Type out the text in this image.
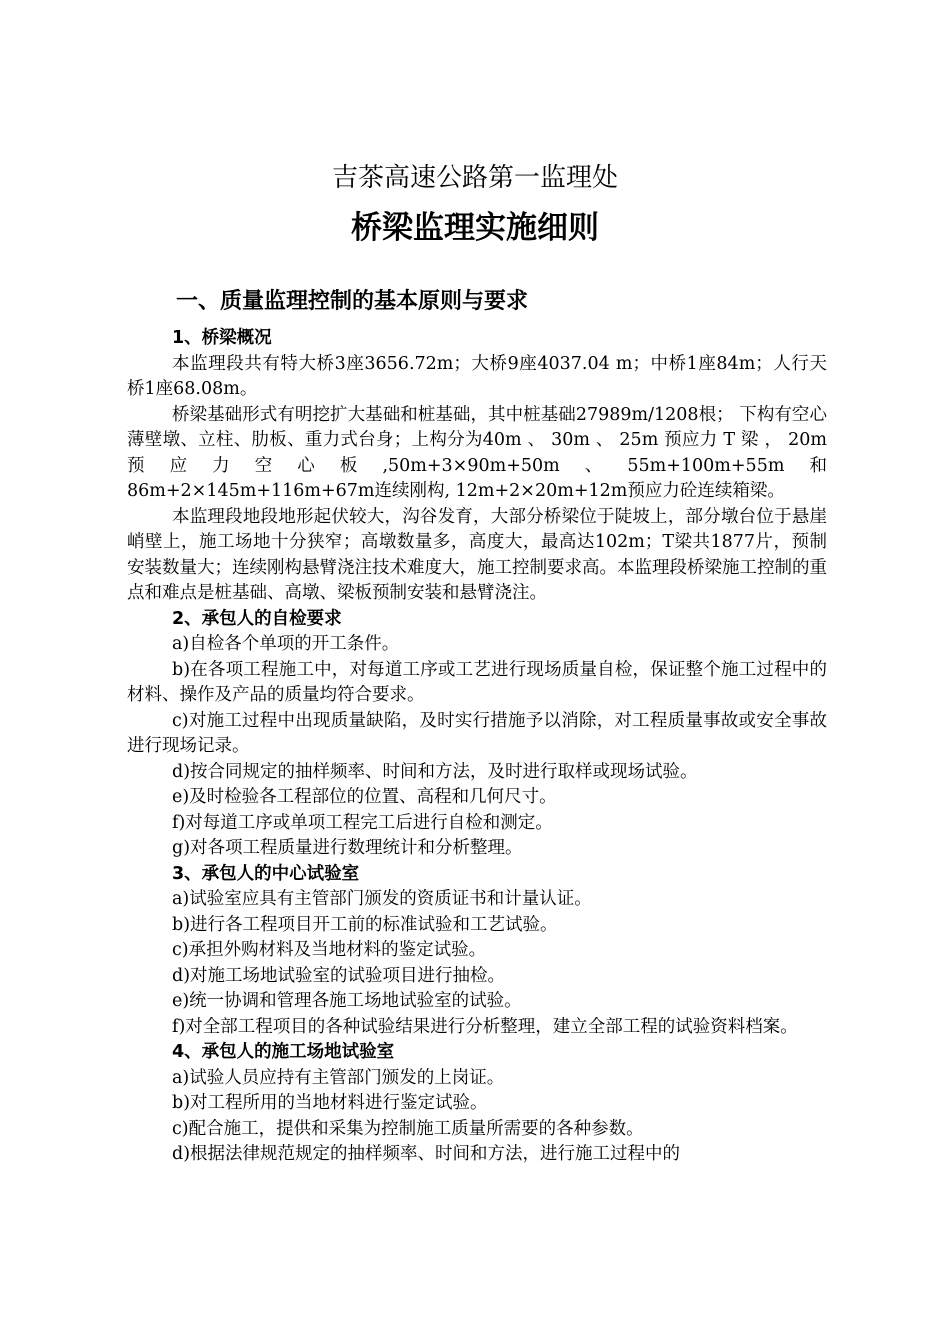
吉茶高速公路第一监理处
桥梁监理实施细则
一、质量监理控制的基本原则与要求

1、桥梁概况

本监理段共有特大桥3座3656.72m；大桥9座4037.04 m；中桥1座84m；人行天桥1座68.08m。

桥梁基础形式有明挖扩大基础和桩基础，其中桩基础27989m/1208根； 下构有空心薄壁墩、立柱、肋板、重力式台身；上构分为40m 、 30m 、 25m 预应力 T 梁 ， 20m 预应力空心板,50m+3×90m+50m、55m+100m+55m和86m+2×145m+116m+67m连续刚构, 12m+2×20m+12m预应力砼连续箱梁。

本监理段地段地形起伏较大，沟谷发育，大部分桥梁位于陡坡上，部分墩台位于悬崖峭壁上，施工场地十分狭窄；高墩数量多，高度大，最高达102m；T梁共1877片，预制安装数量大；连续刚构悬臂浇注技术难度大，施工控制要求高。本监理段桥梁施工控制的重点和难点是桩基础、高墩、梁板预制安装和悬臂浇注。

2、承包人的自检要求

a)自检各个单项的开工条件。

b)在各项工程施工中，对每道工序或工艺进行现场质量自检，保证整个施工过程中的材料、操作及产品的质量均符合要求。

c)对施工过程中出现质量缺陷，及时实行措施予以消除，对工程质量事故或安全事故进行现场记录。

d)按合同规定的抽样频率、时间和方法，及时进行取样或现场试验。

e)及时检验各工程部位的位置、高程和几何尺寸。

f)对每道工序或单项工程完工后进行自检和测定。

g)对各项工程质量进行数理统计和分析整理。

3、承包人的中心试验室

a)试验室应具有主管部门颁发的资质证书和计量认证。

b)进行各工程项目开工前的标准试验和工艺试验。

c)承担外购材料及当地材料的鉴定试验。

d)对施工场地试验室的试验项目进行抽检。

e)统一协调和管理各施工场地试验室的试验。

f)对全部工程项目的各种试验结果进行分析整理，建立全部工程的试验资料档案。

4、承包人的施工场地试验室

a)试验人员应持有主管部门颁发的上岗证。

b)对工程所用的当地材料进行鉴定试验。

c)配合施工，提供和采集为控制施工质量所需要的各种参数。

d)根据法律规范规定的抽样频率、时间和方法，进行施工过程中的
